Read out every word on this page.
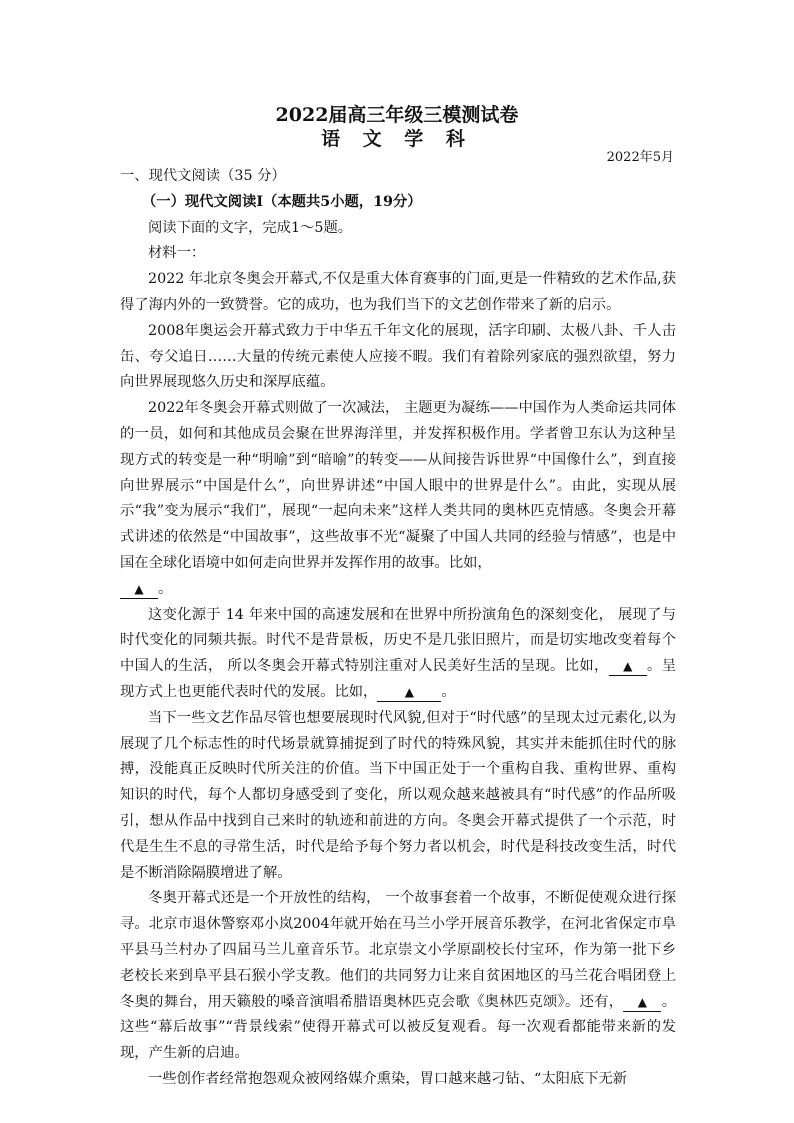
2022届高三年级三模测试卷
语 文 学 科
2022年5月

一、现代文阅读（35 分）

（一）现代文阅读Ⅰ（本题共5小题，19分）

阅读下面的文字，完成1～5题。

材料一：

2022 年北京冬奥会开幕式,不仅是重大体育赛事的门面,更是一件精致的艺术作品,获得了海内外的一致赞誉。它的成功，也为我们当下的文艺创作带来了新的启示。

2008年奥运会开幕式致力于中华五千年文化的展现，活字印刷、太极八卦、千人击缶、夸父追日……大量的传统元素使人应接不暇。我们有着除列家底的强烈欲望，努力向世界展现悠久历史和深厚底蕴。

2022年冬奥会开幕式则做了一次减法， 主题更为凝练——中国作为人类命运共同体的一员，如何和其他成员会聚在世界海洋里，并发挥积极作用。学者曾卫东认为这种呈现方式的转变是一种“明喻”到“暗喻”的转变——从间接告诉世界“中国像什么”，到直接向世界展示“中国是什么”，向世界讲述“中国人眼中的世界是什么”。由此，实现从展示“我”变为展示“我们”，展现“一起向未来”这样人类共同的奥林匹克情感。冬奥会开幕式讲述的依然是“中国故事”，这些故事不光“凝聚了中国人共同的经验与情感”，也是中国在全球化语境中如何走向世界并发挥作用的故事。比如，
▲ 。

这变化源于 14 年来中国的高速发展和在世界中所扮演角色的深刻变化， 展现了与时代变化的同频共振。时代不是背景板，历史不是几张旧照片，而是切实地改变着每个中国人的生活， 所以冬奥会开幕式特别注重对人民美好生活的呈现。比如， ▲ 。呈现方式上也更能代表时代的发展。比如， ▲ 。

当下一些文艺作品尽管也想要展现时代风貌,但对于“时代感”的呈现太过元素化,以为展现了几个标志性的时代场景就算捕捉到了时代的特殊风貌，其实并未能抓住时代的脉搏，没能真正反映时代所关注的价值。当下中国正处于一个重构自我、重构世界、重构知识的时代，每个人都切身感受到了变化，所以观众越来越被具有“时代感”的作品所吸引，想从作品中找到自己来时的轨迹和前进的方向。冬奥会开幕式提供了一个示范，时代是生生不息的寻常生活，时代是给予每个努力者以机会，时代是科技改变生活，时代是不断消除隔膜增进了解。

冬奥开幕式还是一个开放性的结构， 一个故事套着一个故事，不断促使观众进行探寻。北京市退休警察邓小岚2004年就开始在马兰小学开展音乐教学，在河北省保定市阜平县马兰村办了四届马兰儿童音乐节。北京崇文小学原副校长付宝环，作为第一批下乡老校长来到阜平县石猴小学支教。他们的共同努力让来自贫困地区的马兰花合唱团登上冬奥的舞台，用天籁般的嗓音演唱希腊语奥林匹克会歌《奥林匹克颂》。还有， ▲ 。这些“幕后故事”“背景线索”使得开幕式可以被反复观看。每一次观看都能带来新的发现，产生新的启迪。

一些创作者经常抱怨观众被网络媒介熏染，胃口越来越刁钻、“太阳底下无新
